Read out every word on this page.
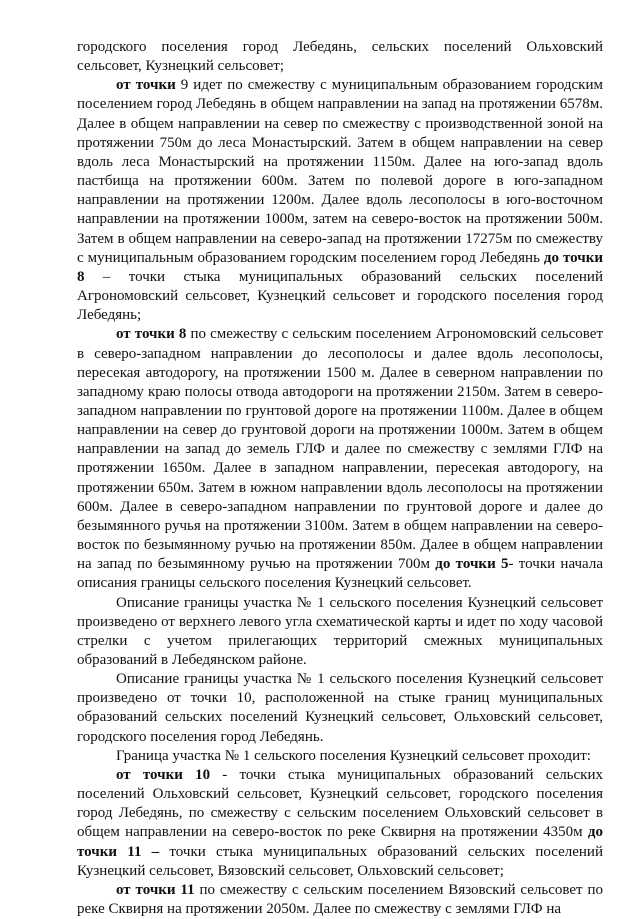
городского поселения город Лебедянь, сельских поселений Ольховский сельсовет, Кузнецкий сельсовет;

от точки 9 идет по смежеству с муниципальным образованием городским поселением город Лебедянь в общем направлении на запад на протяжении 6578м. Далее в общем направлении на север по смежеству с производственной зоной на протяжении 750м до леса Монастырский. Затем в общем направлении на север вдоль леса Монастырский на протяжении 1150м. Далее на юго-запад вдоль пастбища на протяжении 600м. Затем по полевой дороге в юго-западном направлении на протяжении 1200м. Далее вдоль лесополосы в юго-восточном направлении на протяжении 1000м, затем на северо-восток на протяжении 500м. Затем в общем направлении на северо-запад на протяжении 17275м по смежеству с муниципальным образованием городским поселением город Лебедянь до точки 8 – точки стыка муниципальных образований сельских поселений Агрономовский сельсовет, Кузнецкий сельсовет и городского поселения город Лебедянь;

от точки 8 по смежеству с сельским поселением Агрономовский сельсовет в северо-западном направлении до лесополосы и далее вдоль лесополосы, пересекая автодорогу, на протяжении 1500 м. Далее в северном направлении по западному краю полосы отвода автодороги на протяжении 2150м. Затем в северо-западном направлении по грунтовой дороге на протяжении 1100м. Далее в общем направлении на север до грунтовой дороги на протяжении 1000м. Затем в общем направлении на запад до земель ГЛФ и далее по смежеству с землями ГЛФ на протяжении 1650м. Далее в западном направлении, пересекая автодорогу, на протяжении 650м. Затем в южном направлении вдоль лесополосы на протяжении 600м. Далее в северо-западном направлении по грунтовой дороге и далее до безымянного ручья на протяжении 3100м. Затем в общем направлении на северо-восток по безымянному ручью на протяжении 850м. Далее в общем направлении на запад по безымянному ручью на протяжении 700м до точки 5- точки начала описания границы сельского поселения Кузнецкий сельсовет.

Описание границы участка № 1 сельского поселения Кузнецкий сельсовет произведено от верхнего левого угла схематической карты и идет по ходу часовой стрелки с учетом прилегающих территорий смежных муниципальных образований в Лебедянском районе.

Описание границы участка № 1 сельского поселения Кузнецкий сельсовет произведено от точки 10, расположенной на стыке границ муниципальных образований сельских поселений Кузнецкий сельсовет, Ольховский сельсовет, городского поселения город Лебедянь.

Граница участка № 1 сельского поселения Кузнецкий сельсовет проходит:

от точки 10 - точки стыка муниципальных образований сельских поселений Ольховский сельсовет, Кузнецкий сельсовет, городского поселения город Лебедянь, по смежеству с сельским поселением Ольховский сельсовет в общем направлении на северо-восток по реке Сквирня на протяжении 4350м до точки 11 – точки стыка муниципальных образований сельских поселений Кузнецкий сельсовет, Вязовский сельсовет, Ольховский сельсовет;

от точки 11 по смежеству с сельским поселением Вязовский сельсовет по реке Сквирня на протяжении 2050м. Далее по смежеству с землями ГЛФ на
